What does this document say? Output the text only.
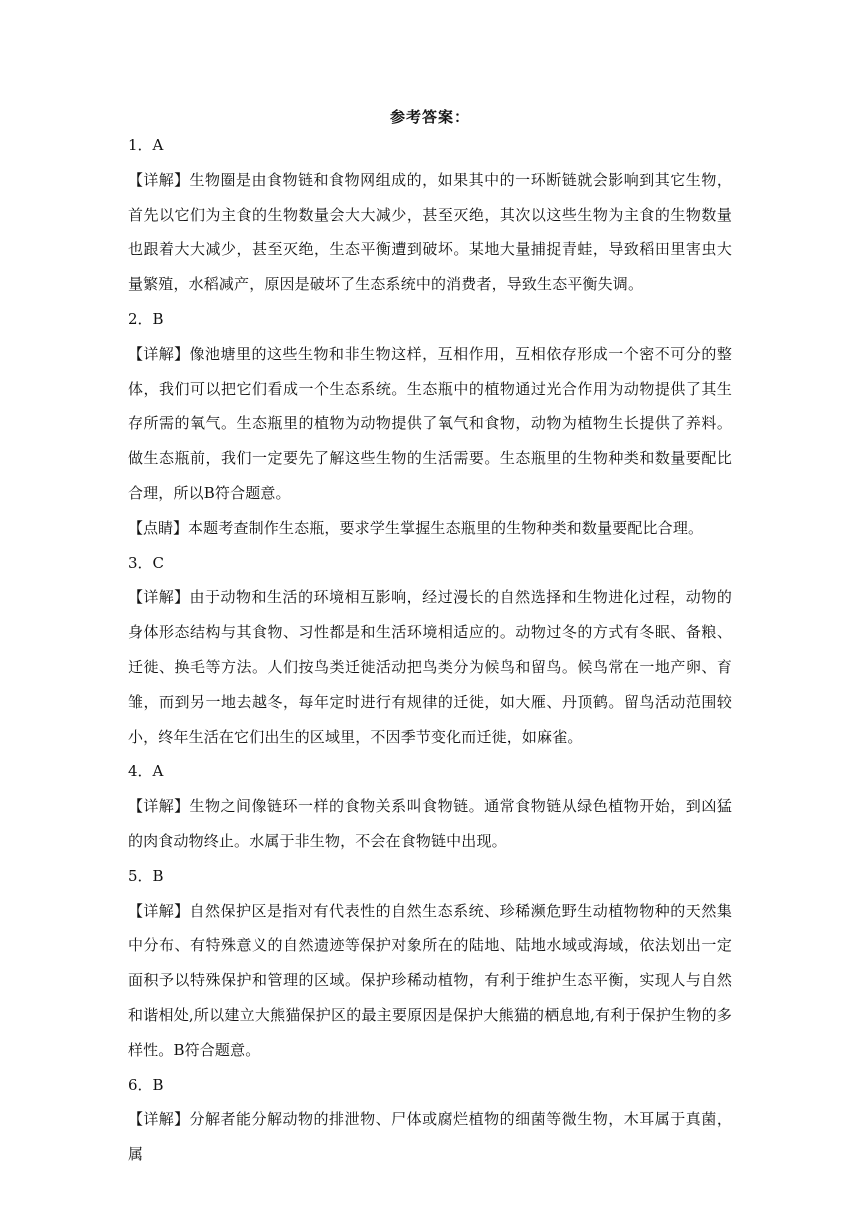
参考答案：

1．A

【详解】生物圈是由食物链和食物网组成的，如果其中的一环断链就会影响到其它生物，首先以它们为主食的生物数量会大大减少，甚至灭绝，其次以这些生物为主食的生物数量也跟着大大减少，甚至灭绝，生态平衡遭到破坏。某地大量捕捉青蛙，导致稻田里害虫大量繁殖，水稻减产，原因是破坏了生态系统中的消费者，导致生态平衡失调。

2．B

【详解】像池塘里的这些生物和非生物这样，互相作用，互相依存形成一个密不可分的整体，我们可以把它们看成一个生态系统。生态瓶中的植物通过光合作用为动物提供了其生存所需的氧气。生态瓶里的植物为动物提供了氧气和食物，动物为植物生长提供了养料。做生态瓶前，我们一定要先了解这些生物的生活需要。生态瓶里的生物种类和数量要配比合理，所以B符合题意。

【点睛】本题考查制作生态瓶，要求学生掌握生态瓶里的生物种类和数量要配比合理。

3．C

【详解】由于动物和生活的环境相互影响，经过漫长的自然选择和生物进化过程，动物的身体形态结构与其食物、习性都是和生活环境相适应的。动物过冬的方式有冬眠、备粮、迁徙、换毛等方法。人们按鸟类迁徙活动把鸟类分为候鸟和留鸟。候鸟常在一地产卵、育雏，而到另一地去越冬，每年定时进行有规律的迁徙，如大雁、丹顶鹤。留鸟活动范围较小，终年生活在它们出生的区域里，不因季节变化而迁徙，如麻雀。

4．A

【详解】生物之间像链环一样的食物关系叫食物链。通常食物链从绿色植物开始，到凶猛的肉食动物终止。水属于非生物，不会在食物链中出现。

5．B

【详解】自然保护区是指对有代表性的自然生态系统、珍稀濒危野生动植物物种的天然集中分布、有特殊意义的自然遗迹等保护对象所在的陆地、陆地水域或海域，依法划出一定面积予以特殊保护和管理的区域。保护珍稀动植物，有利于维护生态平衡，实现人与自然和谐相处,所以建立大熊猫保护区的最主要原因是保护大熊猫的栖息地,有利于保护生物的多样性。B符合题意。

6．B

【详解】分解者能分解动物的排泄物、尸体或腐烂植物的细菌等微生物，木耳属于真菌，属
